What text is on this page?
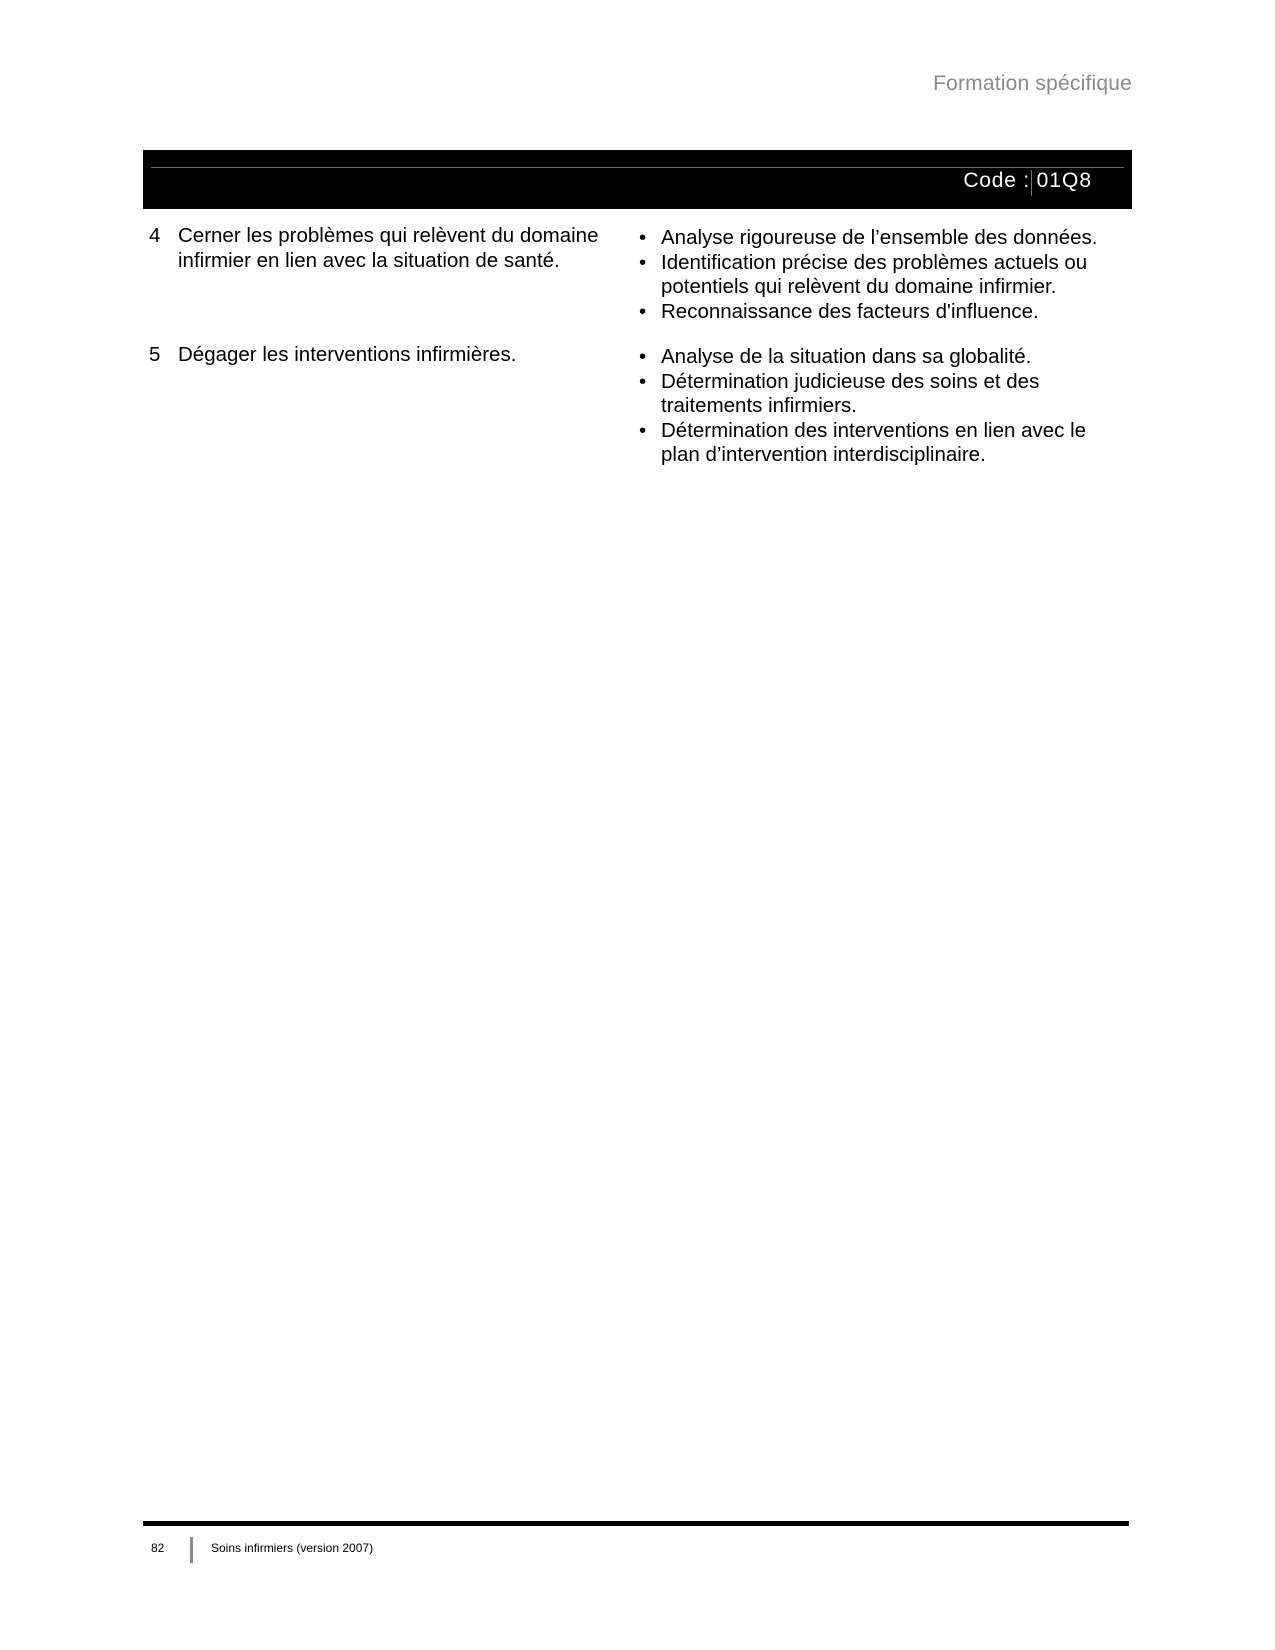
Formation spécifique
Code : 01Q8
4 Cerner les problèmes qui relèvent du domaine infirmier en lien avec la situation de santé.
• Analyse rigoureuse de l’ensemble des données.
• Identification précise des problèmes actuels ou potentiels qui relèvent du domaine infirmier.
• Reconnaissance des facteurs d'influence.
5 Dégager les interventions infirmières.	• Analyse de la situation dans sa globalité.
• Détermination judicieuse des soins et des traitements infirmiers.
• Détermination des interventions en lien avec le plan d’intervention interdisciplinaire.
82	Soins infirmiers (version 2007)
